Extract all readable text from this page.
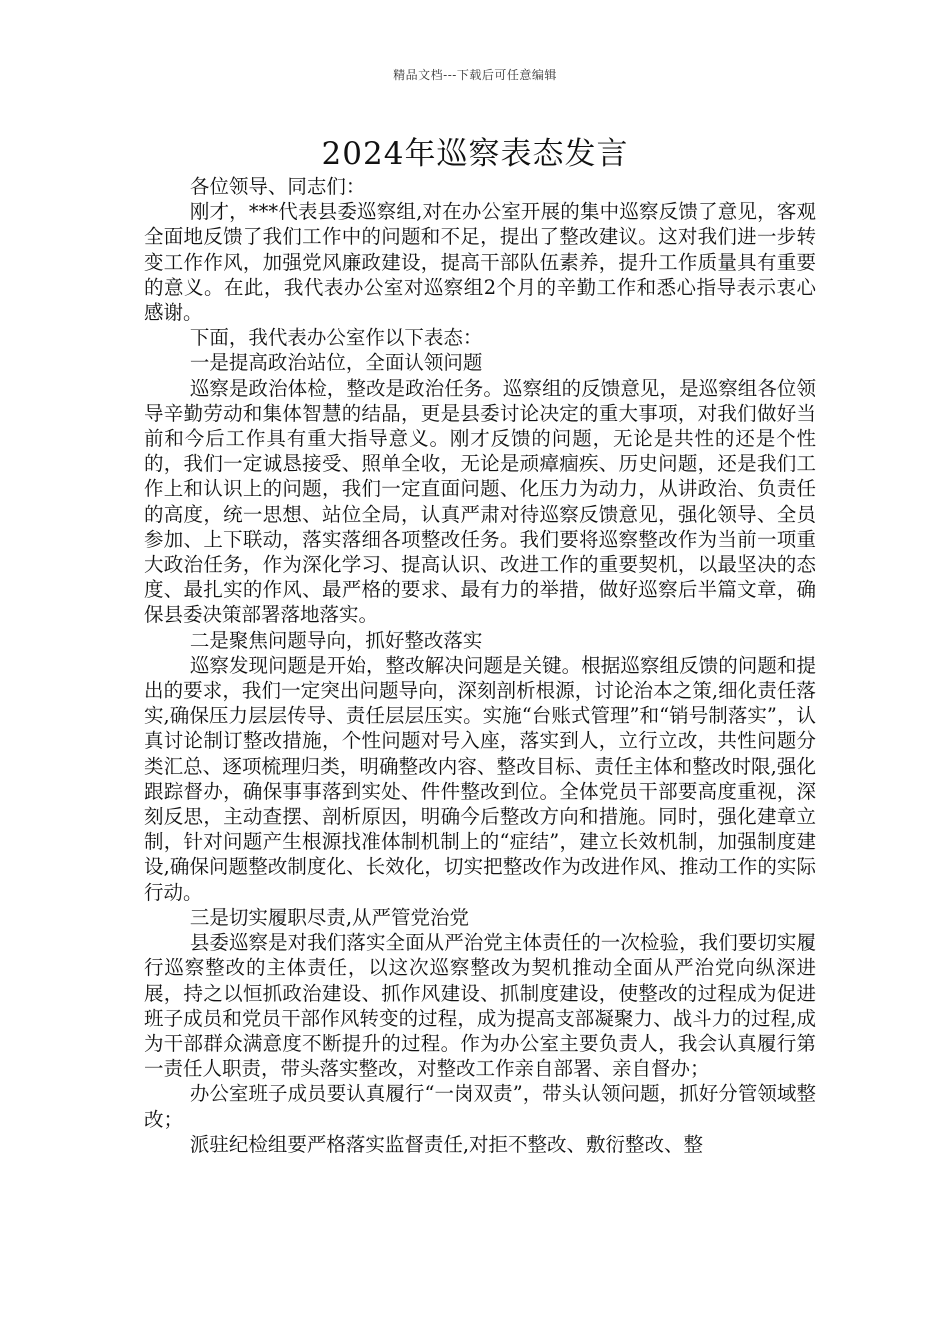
精品文档---下载后可任意编辑
2024年巡察表态发言

各位领导、同志们：

刚才，***代表县委巡察组,对在办公室开展的集中巡察反馈了意见，客观全面地反馈了我们工作中的问题和不足，提出了整改建议。这对我们进一步转变工作作风，加强党风廉政建设，提高干部队伍素养，提升工作质量具有重要的意义。在此，我代表办公室对巡察组2个月的辛勤工作和悉心指导表示衷心感谢。

下面，我代表办公室作以下表态：

一是提高政治站位，全面认领问题

巡察是政治体检，整改是政治任务。巡察组的反馈意见，是巡察组各位领导辛勤劳动和集体智慧的结晶，更是县委讨论决定的重大事项，对我们做好当前和今后工作具有重大指导意义。刚才反馈的问题，无论是共性的还是个性的，我们一定诚恳接受、照单全收，无论是顽瘴痼疾、历史问题，还是我们工作上和认识上的问题，我们一定直面问题、化压力为动力，从讲政治、负责任的高度，统一思想、站位全局，认真严肃对待巡察反馈意见，强化领导、全员参加、上下联动，落实落细各项整改任务。我们要将巡察整改作为当前一项重大政治任务，作为深化学习、提高认识、改进工作的重要契机，以最坚决的态度、最扎实的作风、最严格的要求、最有力的举措，做好巡察后半篇文章，确保县委决策部署落地落实。

二是聚焦问题导向，抓好整改落实

巡察发现问题是开始，整改解决问题是关键。根据巡察组反馈的问题和提出的要求，我们一定突出问题导向，深刻剖析根源，讨论治本之策,细化责任落实,确保压力层层传导、责任层层压实。实施“台账式管理”和“销号制落实”，认真讨论制订整改措施，个性问题对号入座，落实到人，立行立改，共性问题分类汇总、逐项梳理归类，明确整改内容、整改目标、责任主体和整改时限,强化跟踪督办，确保事事落到实处、件件整改到位。全体党员干部要高度重视，深刻反思，主动查摆、剖析原因，明确今后整改方向和措施。同时，强化建章立制，针对问题产生根源找准体制机制上的“症结”，建立长效机制，加强制度建设,确保问题整改制度化、长效化，切实把整改作为改进作风、推动工作的实际行动。

三是切实履职尽责,从严管党治党

县委巡察是对我们落实全面从严治党主体责任的一次检验，我们要切实履行巡察整改的主体责任，以这次巡察整改为契机推动全面从严治党向纵深进展，持之以恒抓政治建设、抓作风建设、抓制度建设，使整改的过程成为促进班子成员和党员干部作风转变的过程，成为提高支部凝聚力、战斗力的过程,成为干部群众满意度不断提升的过程。作为办公室主要负责人，我会认真履行第一责任人职责，带头落实整改，对整改工作亲自部署、亲自督办；

办公室班子成员要认真履行“一岗双责”，带头认领问题，抓好分管领域整改；

派驻纪检组要严格落实监督责任,对拒不整改、敷衍整改、整
